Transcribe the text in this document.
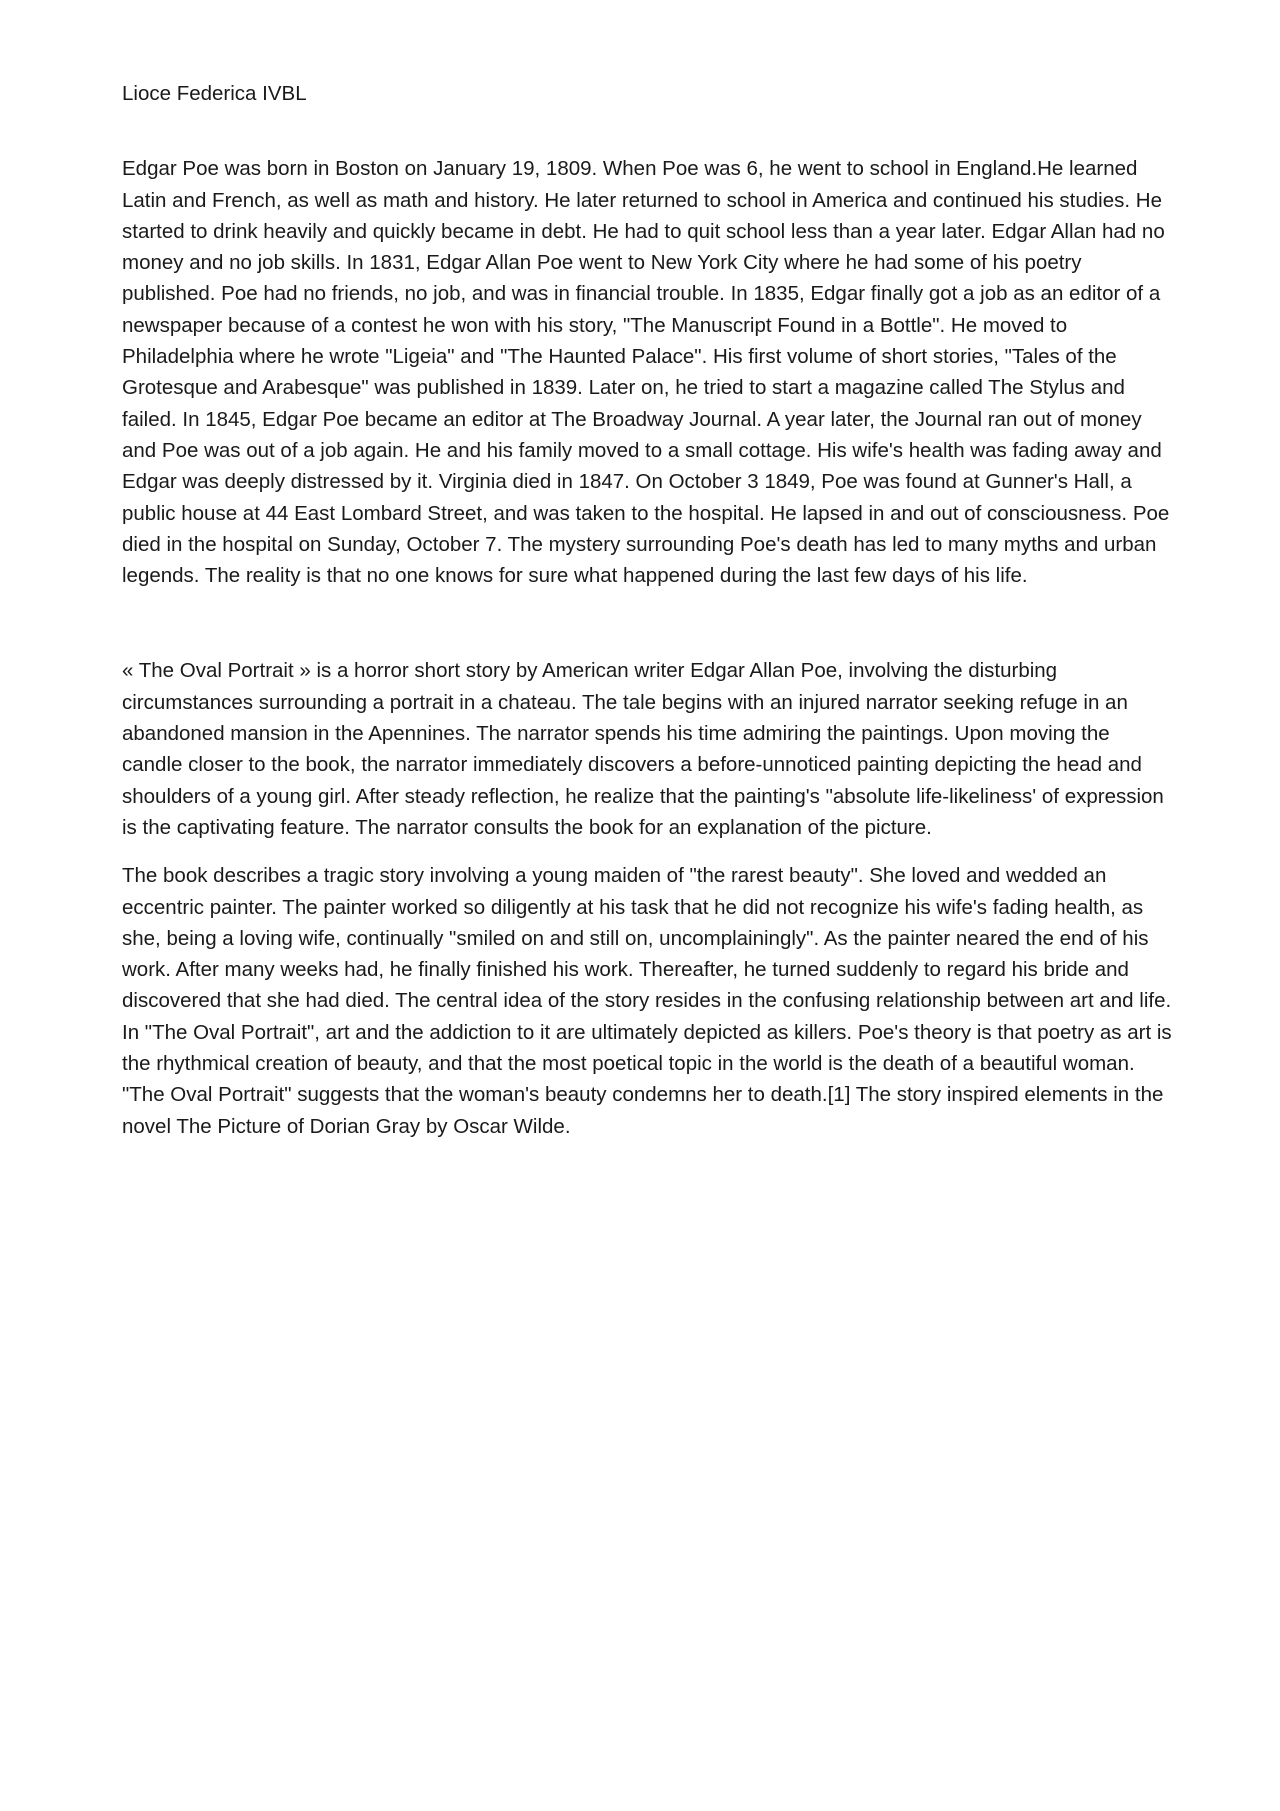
Lioce Federica IVBL

Edgar Poe was born in Boston on January 19, 1809. When Poe was 6, he went to school in England.He learned Latin and French, as well as math and history. He later returned to school in America and continued his studies. He started to drink heavily and quickly became in debt. He had to quit school less than a year later. Edgar Allan had no money and no job skills. In 1831, Edgar Allan Poe went to New York City where he had some of his poetry published. Poe had no friends, no job, and was in financial trouble. In 1835, Edgar finally got a job as an editor of a newspaper because of a contest he won with his story, "The Manuscript Found in a Bottle". He moved to Philadelphia where he wrote "Ligeia" and "The Haunted Palace". His first volume of short stories, "Tales of the Grotesque and Arabesque" was published in 1839. Later on, he tried to start a magazine called The Stylus and failed. In 1845, Edgar Poe became an editor at The Broadway Journal. A year later, the Journal ran out of money and Poe was out of a job again. He and his family moved to a small cottage. His wife's health was fading away and Edgar was deeply distressed by it. Virginia died in 1847. On October 3 1849, Poe was found at Gunner's Hall, a public house at 44 East Lombard Street, and was taken to the hospital. He lapsed in and out of consciousness. Poe died in the hospital on Sunday, October 7. The mystery surrounding Poe's death has led to many myths and urban legends. The reality is that no one knows for sure what happened during the last few days of his life.

« The Oval Portrait » is a horror short story by American writer Edgar Allan Poe, involving the disturbing circumstances surrounding a portrait in a chateau. The tale begins with an injured narrator seeking refuge in an abandoned mansion in the Apennines. The narrator spends his time admiring the paintings. Upon moving the candle closer to the book, the narrator immediately discovers a before-unnoticed painting depicting the head and shoulders of a young girl. After steady reflection, he realize that the painting's "absolute life-likeliness' of expression is the captivating feature. The narrator consults the book for an explanation of the picture.

The book describes a tragic story involving a young maiden of "the rarest beauty". She loved and wedded an eccentric painter. The painter worked so diligently at his task that he did not recognize his wife's fading health, as she, being a loving wife, continually "smiled on and still on, uncomplainingly". As the painter neared the end of his work. After many weeks had, he finally finished his work. Thereafter, he turned suddenly to regard his bride and discovered that she had died. The central idea of the story resides in the confusing relationship between art and life. In "The Oval Portrait", art and the addiction to it are ultimately depicted as killers. Poe's theory is that poetry as art is the rhythmical creation of beauty, and that the most poetical topic in the world is the death of a beautiful woman. "The Oval Portrait" suggests that the woman's beauty condemns her to death.[1] The story inspired elements in the novel The Picture of Dorian Gray by Oscar Wilde.
